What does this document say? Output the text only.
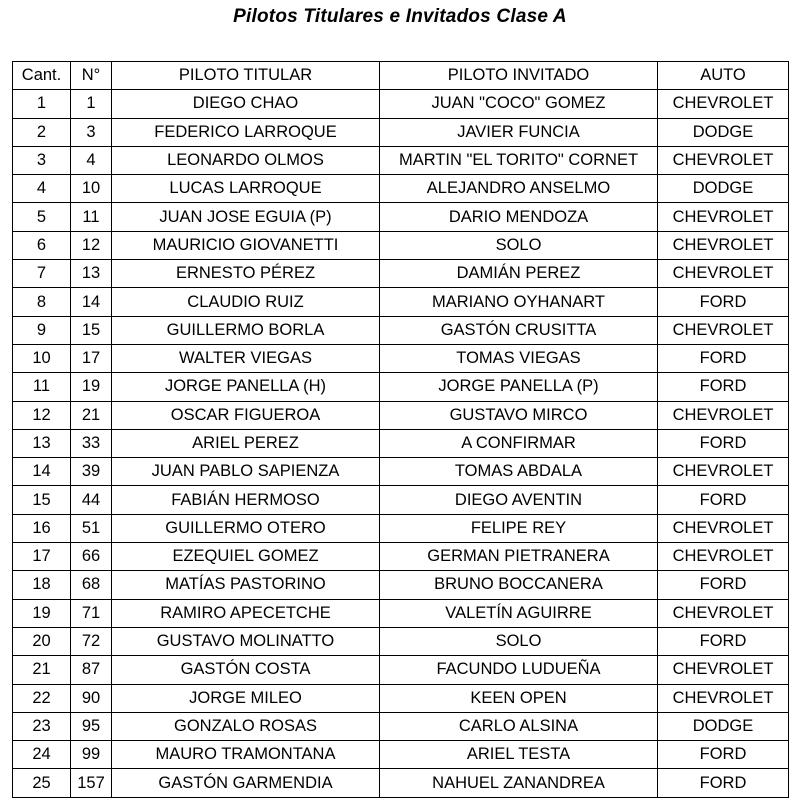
Pilotos Titulares e Invitados Clase A
Cant.	N°	PILOTO TITULAR	PILOTO INVITADO	AUTO
1	1	DIEGO CHAO	JUAN "COCO" GOMEZ	CHEVROLET
2	3	FEDERICO LARROQUE	JAVIER FUNCIA	DODGE
3	4	LEONARDO OLMOS	MARTIN "EL TORITO" CORNET	CHEVROLET
4	10	LUCAS LARROQUE	ALEJANDRO ANSELMO	DODGE
5	11	JUAN JOSE EGUIA (P)	DARIO MENDOZA	CHEVROLET
6	12	MAURICIO GIOVANETTI	SOLO	CHEVROLET
7	13	ERNESTO PÉREZ	DAMIÁN PEREZ	CHEVROLET
8	14	CLAUDIO RUIZ	MARIANO OYHANART	FORD
9	15	GUILLERMO BORLA	GASTÓN CRUSITTA	CHEVROLET
10	17	WALTER VIEGAS	TOMAS VIEGAS	FORD
11	19	JORGE PANELLA (H)	JORGE PANELLA (P)	FORD
12	21	OSCAR FIGUEROA	GUSTAVO MIRCO	CHEVROLET
13	33	ARIEL PEREZ	A CONFIRMAR	FORD
14	39	JUAN PABLO SAPIENZA	TOMAS ABDALA	CHEVROLET
15	44	FABIÁN HERMOSO	DIEGO AVENTIN	FORD
16	51	GUILLERMO OTERO	FELIPE REY	CHEVROLET
17	66	EZEQUIEL GOMEZ	GERMAN PIETRANERA	CHEVROLET
18	68	MATÍAS PASTORINO	BRUNO BOCCANERA	FORD
19	71	RAMIRO APECETCHE	VALETÍN AGUIRRE	CHEVROLET
20	72	GUSTAVO MOLINATTO	SOLO	FORD
21	87	GASTÓN COSTA	FACUNDO LUDUEÑA	CHEVROLET
22	90	JORGE MILEO	KEEN OPEN	CHEVROLET
23	95	GONZALO ROSAS	CARLO ALSINA	DODGE
24	99	MAURO TRAMONTANA	ARIEL TESTA	FORD
25	157	GASTÓN GARMENDIA	NAHUEL ZANANDREA	FORD
